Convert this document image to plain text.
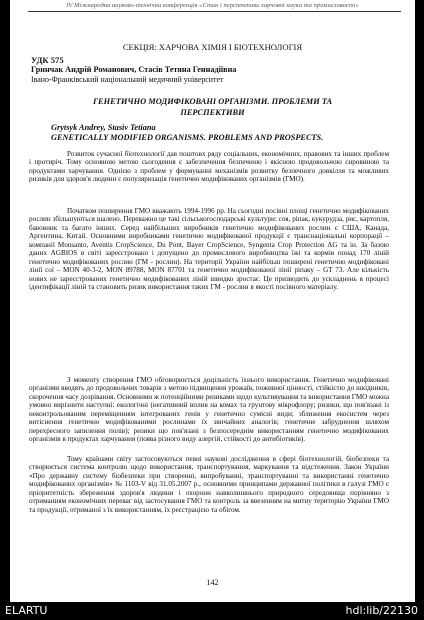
IV Міжнародна науково-технічна конференція «Стан і перспективи харчової науки та промисловості»
СЕКЦІЯ: ХАРЧОВА ХІМІЯ І БІОТЕХНОЛОГІЯ
УДК 575
Гринчак Андрій Романович, Стасів Тетяна Геннадіївна
Івано-Франківський національний медичний університет
ГЕНЕТИЧНО МОДИФІКОВАНІ ОРГАНІЗМИ. ПРОБЛЕМИ ТА ПЕРСПЕКТИВИ
Grytsyk Andrey, Stasiv Tetiana
GENETICALLY MODIFIED ORGANISMS. PROBLEMS AND PROSPECTS.

Розвиток сучасної біотехнології дав поштовх ряду соціальних, економічних, правових та інших проблем і протиріч. Тому основною метою сьогодення є забезпечення безпечною і якісною продовольчою сировиною та продуктами харчування. Однією з проблем у формуванні механізмів розвитку безпечного довкілля та можливих ризиків для здоров'я людини є популяризація генетично модифікованих організмів (ГМО).

Початком поширення ГМО вважають 1994-1996 рр. На сьогодні посівні площі генетично модифікованих рослин збільшуються шалено. Переважно це такі сільськогосподарські культури: соя, ріпак, кукурудза, рис, картопля, бавовник та багато інших. Серед найбільших виробників генетично модифікованих рослин є США, Канада, Аргентина, Китай. Основними виробниками генетично модифікованої продукції є транснаціональні корпорації – компанії Monsanto, Aventis CropScience, Du Pont, Bayer CropScience, Syngenta Crop Protection AG та ін. За базою даних AGBIOS в світі зареєстровано і допущено до промислового виробництва їжі та кормів понад 170 ліній генетично модифікованих рослин (ГМ - рослин). На території України найбільш поширені генетично модифіковані лінії сої – MON 40-3-2, MON 89788, MON 87701 та генетично модифікованої лінії ріпаку – GT 73. Але кількість нових не зареєстрованих генетично модифікованих ліній швидко зростає. Це призводить до ускладнень в процесі ідентифікації ліній та становить ризик використання таких ГМ - рослин в якості посівного матеріалу.

З моменту створення ГМО обговорюється доцільність їхнього використання. Генетично модифіковані організми вводять до продовольчих товарів з метою підвищення урожаїв, поживної цінності, стійкістю до шкідників, скорочення часу дозрівання. Основними ж потенційними ризиками щодо культивування та використання ГМО можна умовно вирізнити наступні: екологічні (негативний вплив на комах та грунтову мікрофлору; ризики, що пов'язані із неконтрольованим переміщенням інтегрованих генів у генетично сумісні види; зближення екосистем через витіснення генетично модифікованими рослинами їх звичайних аналогів; генетичне забруднення шляхом перехресного запилення полів); ризики що пов'язані з безпосереднім використанням генетично модифікованих організмів в продуктах харчування (поява різного виду алергій, стійкості до антибіотиків).

Тому країнами світу застосовуються певні наукові дослідження в сфері біотехнологій, біобезпеки та створюється система контролю щодо використання, транспортування, маркування та відстеження. Закон України «Про державну систему біобезпеки при створенні, випробуванні, транспортуванні та використанні генетично модифікованих організмів» № 1103-V від 31.05.2007 р., основними принципами державної політики в галузі ГМО є пріоритетність збереження здоров'я людини і охорони навколишнього природного середовища порівняно з отриманням економічних переваг від застосування ГМО та контроль за ввезенням на митну територію України ГМО та продукції, отриманої з їх використанням, їх реєстрацією та обігом.

142
ELARTU	hdl:lib/22130
